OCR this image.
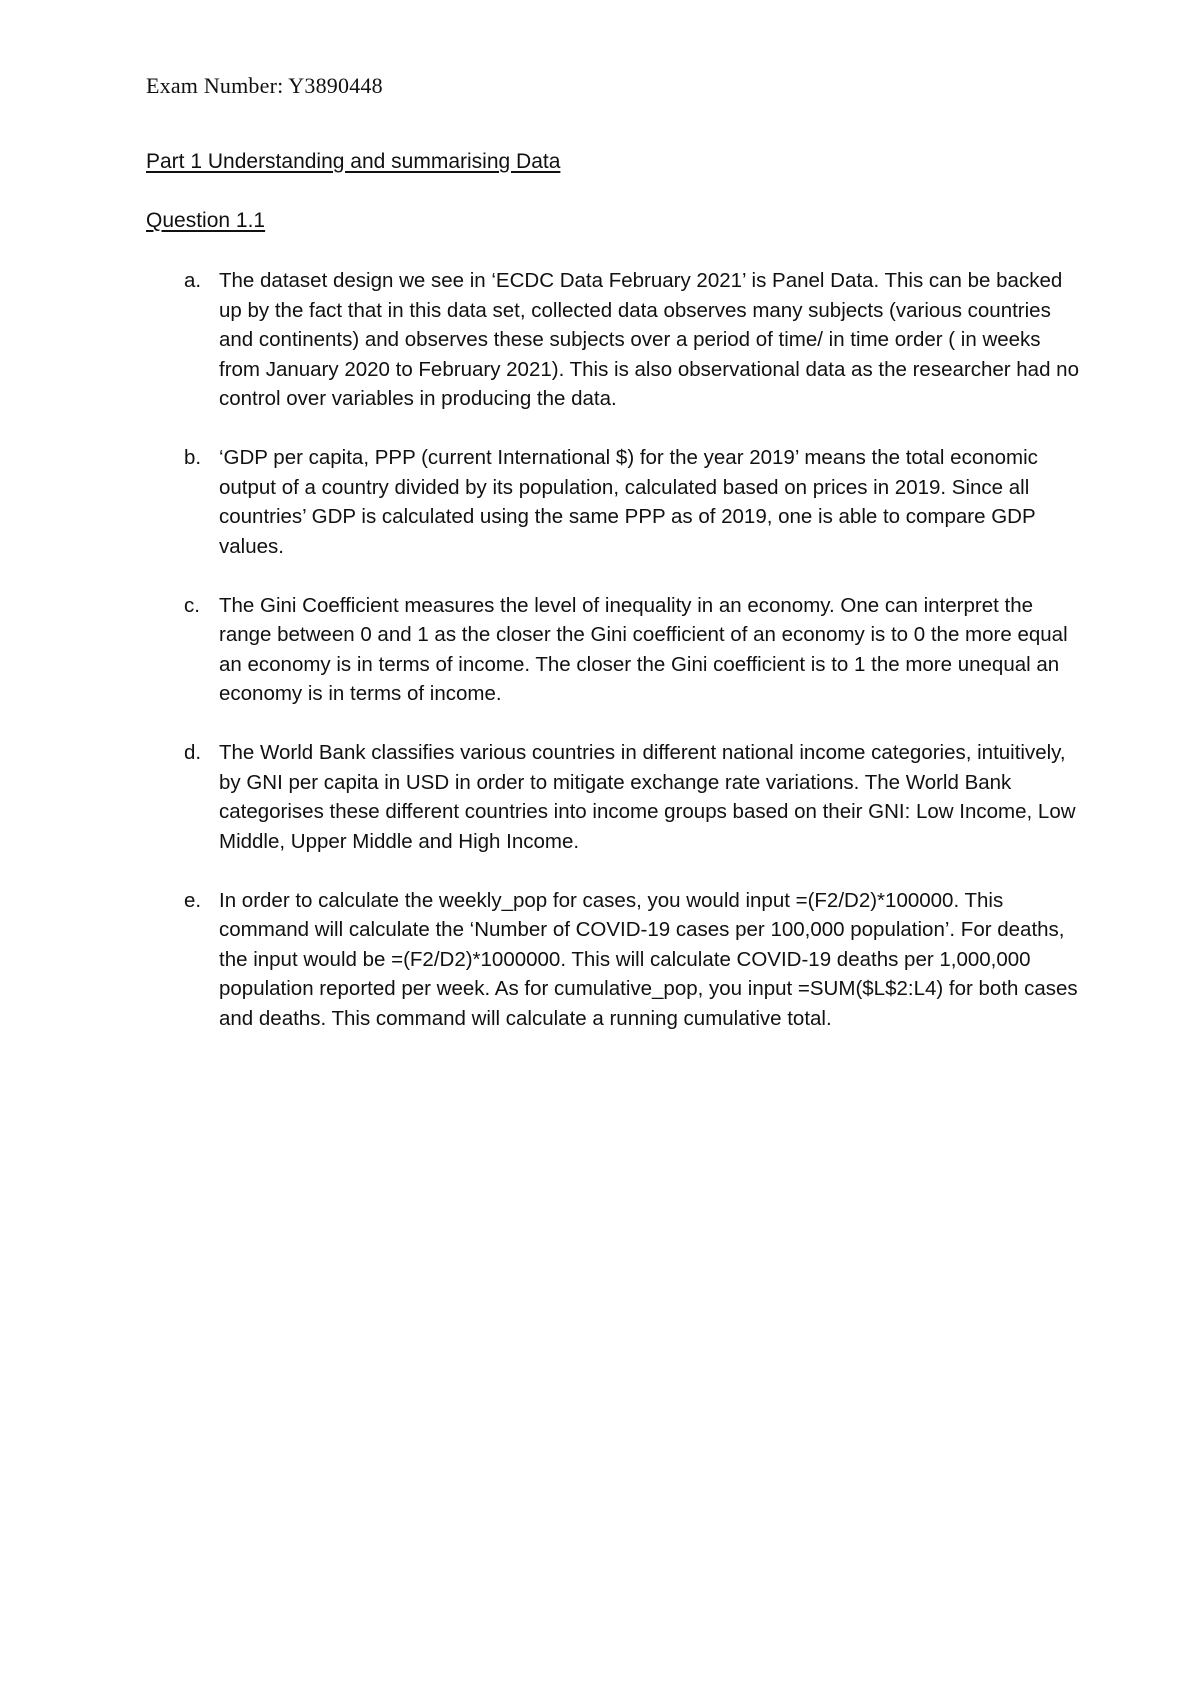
Exam Number: Y3890448
Part 1 Understanding and summarising Data
Question 1.1
a. The dataset design we see in ‘ECDC Data February 2021’ is Panel Data. This can be backed up by the fact that in this data set, collected data observes many subjects (various countries and continents) and observes these subjects over a period of time/ in time order ( in weeks from January 2020 to February 2021). This is also observational data as the researcher had no control over variables in producing the data.
b. ‘GDP per capita, PPP (current International $) for the year 2019’ means the total economic output of a country divided by its population, calculated based on prices in 2019. Since all countries’ GDP is calculated using the same PPP as of 2019, one is able to compare GDP values.
c. The Gini Coefficient measures the level of inequality in an economy. One can interpret the range between 0 and 1 as the closer the Gini coefficient of an economy is to 0 the more equal an economy is in terms of income. The closer the Gini coefficient is to 1 the more unequal an economy is in terms of income.
d. The World Bank classifies various countries in different national income categories, intuitively, by GNI per capita in USD in order to mitigate exchange rate variations. The World Bank categorises these different countries into income groups based on their GNI: Low Income, Low Middle, Upper Middle and High Income.
e. In order to calculate the weekly_pop for cases, you would input =(F2/D2)*100000. This command will calculate the ‘Number of COVID-19 cases per 100,000 population’. For deaths, the input would be =(F2/D2)*1000000. This will calculate COVID-19 deaths per 1,000,000 population reported per week. As for cumulative_pop, you input =SUM($L$2:L4) for both cases and deaths. This command will calculate a running cumulative total.
